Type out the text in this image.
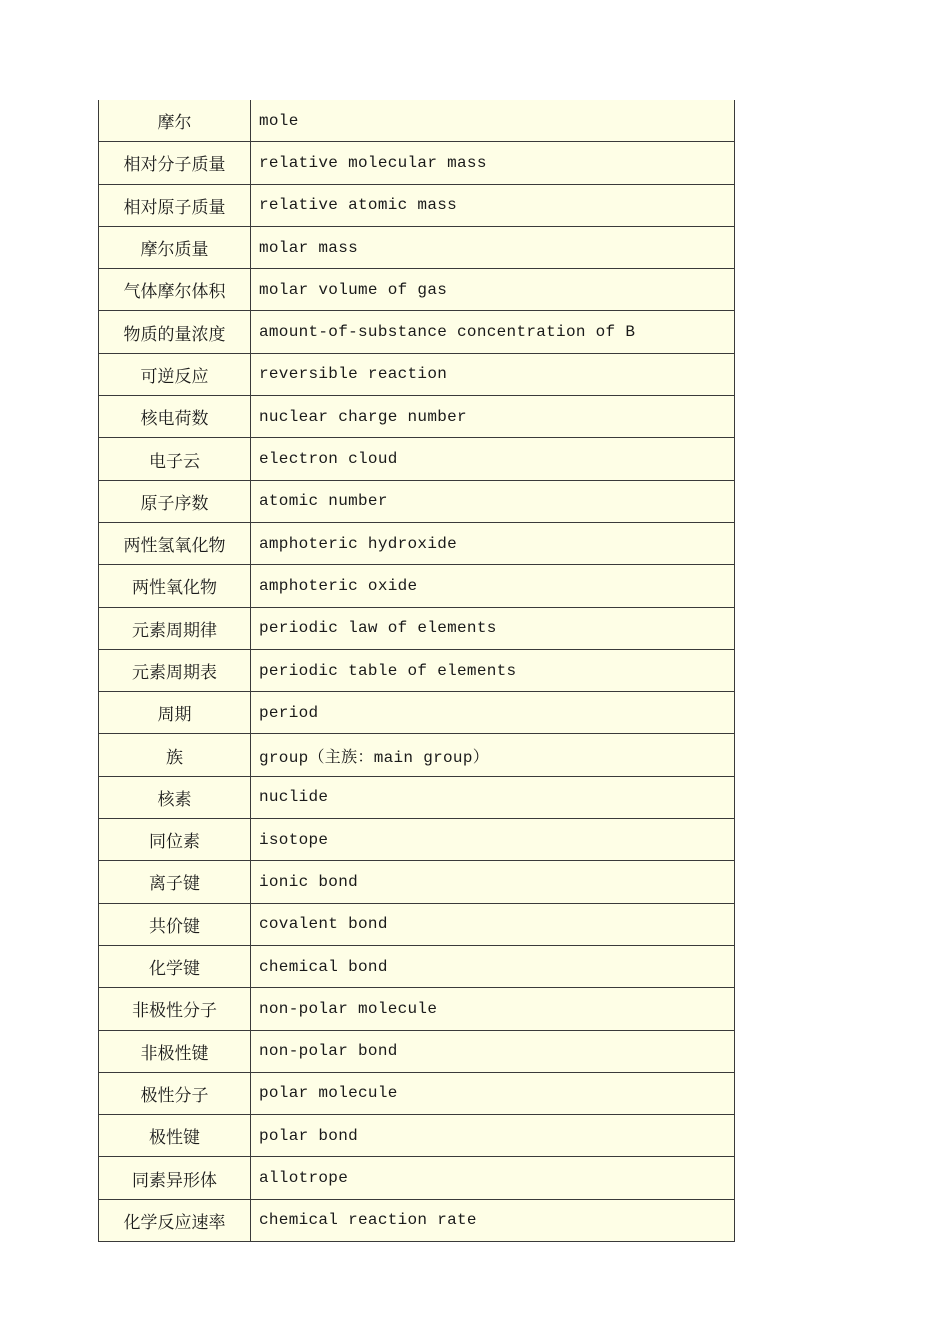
摩尔	mole
相对分子质量	relative molecular mass
相对原子质量	relative atomic mass
摩尔质量	molar mass
气体摩尔体积	molar volume of gas
物质的量浓度	amount-of-substance concentration of B
可逆反应	reversible reaction
核电荷数	nuclear charge number
电子云	electron cloud
原子序数	atomic number
两性氢氧化物	amphoteric hydroxide
两性氧化物	amphoteric oxide
元素周期律	periodic law of elements
元素周期表	periodic table of elements
周期	period
族	group（主族：main group）
核素	nuclide
同位素	isotope
离子键	ionic bond
共价键	covalent bond
化学键	chemical bond
非极性分子	non-polar molecule
非极性键	non-polar bond
极性分子	polar molecule
极性键	polar bond
同素异形体	allotrope
化学反应速率	chemical reaction rate
